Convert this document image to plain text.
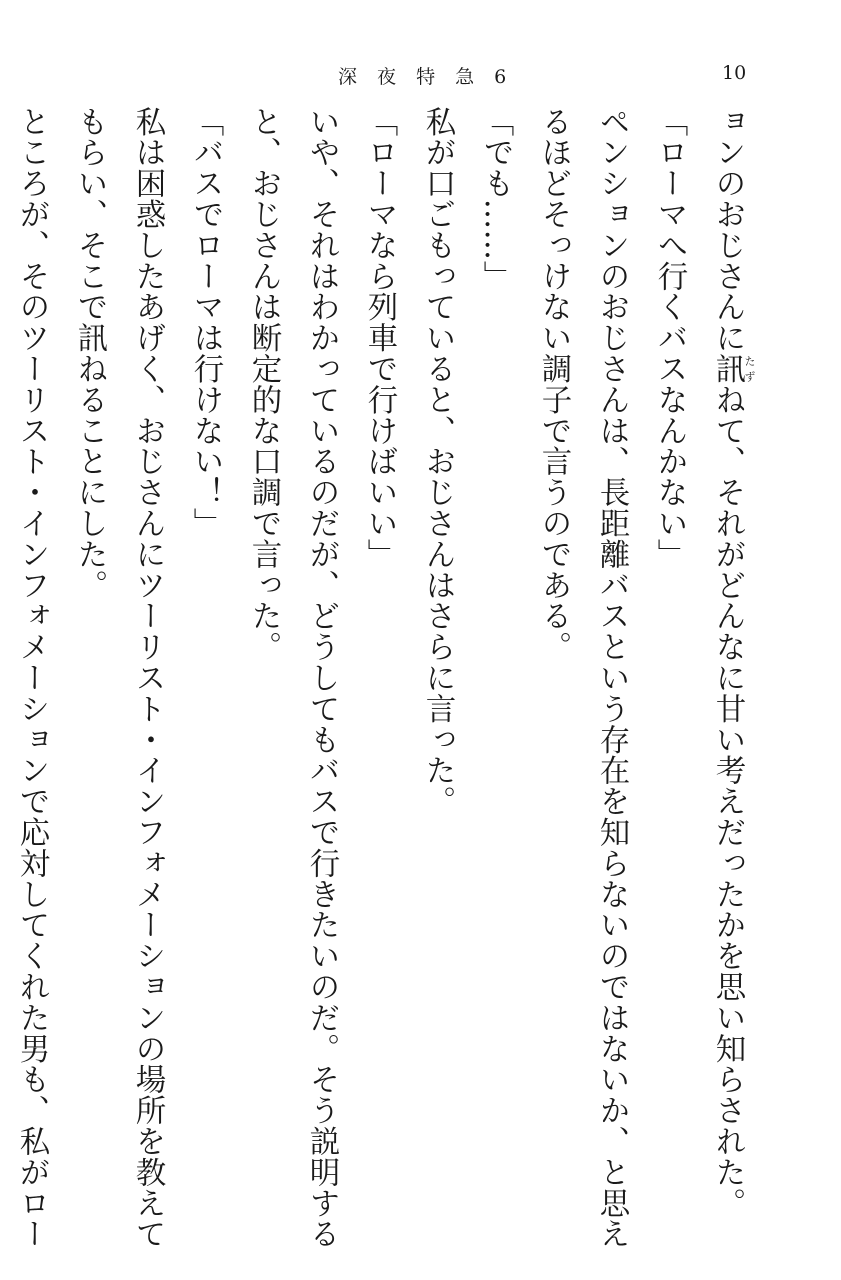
深 夜 特 急 6	10
ョンのおじさんに訊たずねて、それがどんなに甘い考えだったかを思い知らされた。
「ローマへ行くバスなんかない」
ペンションのおじさんは、長距離バスという存在を知らないのではないか、と思え
るほどそっけない調子で言うのである。
「でも……」
私が口ごもっていると、おじさんはさらに言った。
「ローマなら列車で行けばいい」
いや、それはわかっているのだが、どうしてもバスで行きたいのだ。そう説明する
と、おじさんは断定的な口調で言った。
「バスでローマは行けない！」
私は困惑したあげく、おじさんにツーリスト・インフォメーションの場所を教えて
もらい、そこで訊ねることにした。
ところが、そのツーリスト・インフォメーションで応対してくれた男も、私がロー
